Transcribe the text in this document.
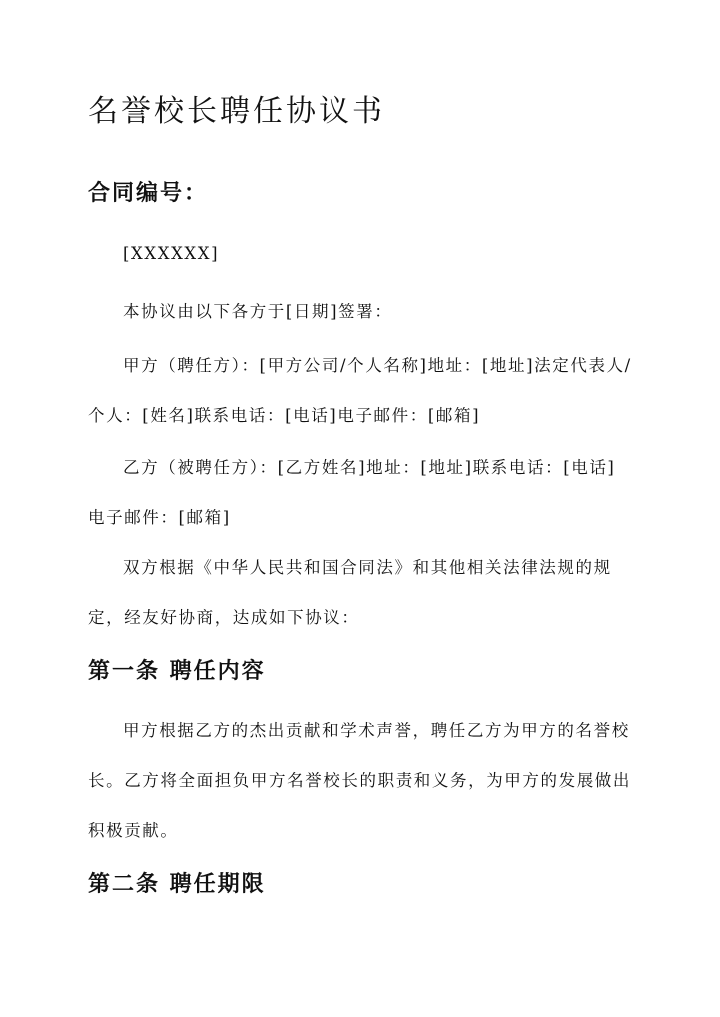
名誉校长聘任协议书
合同编号：

[XXXXXX]

本协议由以下各方于[日期]签署：

甲方（聘任方）：[甲方公司/个人名称]地址：[地址]法定代表人/个人：[姓名]联系电话：[电话]电子邮件：[邮箱]

乙方（被聘任方）：[乙方姓名]地址：[地址]联系电话：[电话]电子邮件：[邮箱]

双方根据《中华人民共和国合同法》和其他相关法律法规的规定，经友好协商，达成如下协议：

第一条 聘任内容

甲方根据乙方的杰出贡献和学术声誉，聘任乙方为甲方的名誉校长。乙方将全面担负甲方名誉校长的职责和义务，为甲方的发展做出积极贡献。

第二条 聘任期限
